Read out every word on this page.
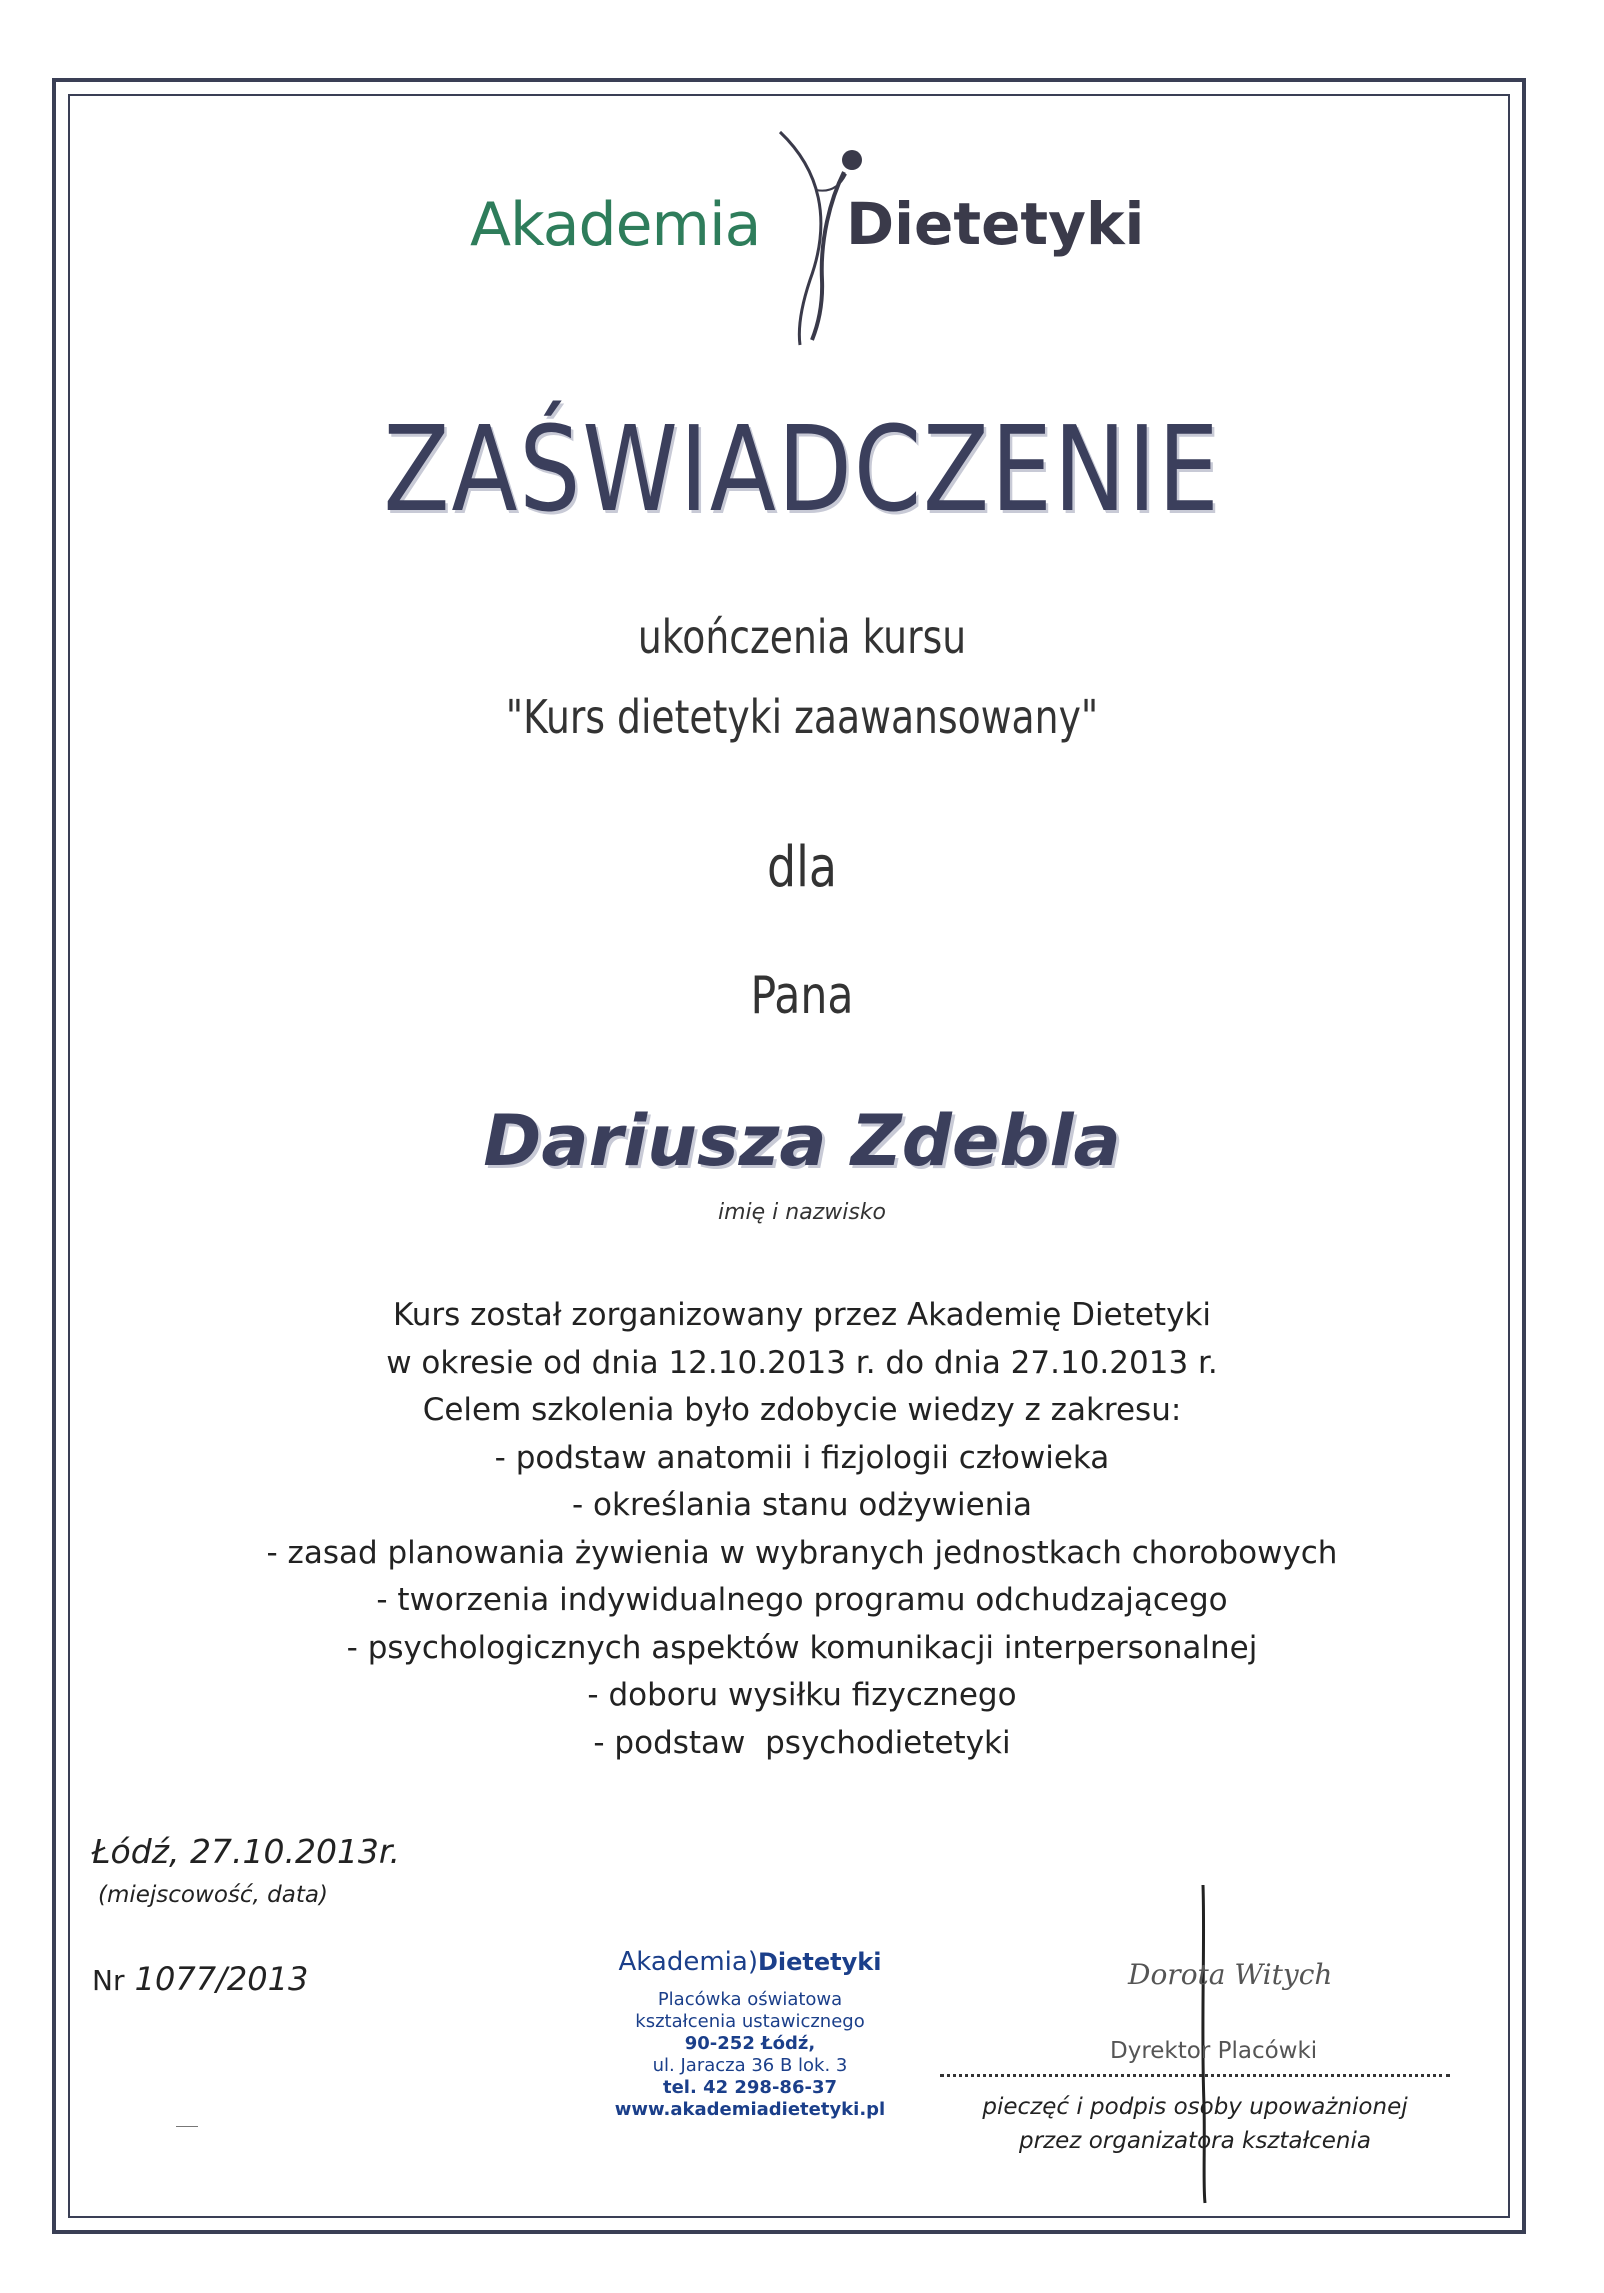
Akademia Dietetyki
ZAŚWIADCZENIE
ukończenia kursu
"Kurs dietetyki zaawansowany"
dla
Pana
Dariusza Zdebla
imię i nazwisko
Kurs został zorganizowany przez Akademię Dietetyki
w okresie od dnia 12.10.2013 r. do dnia 27.10.2013 r.
Celem szkolenia było zdobycie wiedzy z zakresu:
- podstaw anatomii i fizjologii człowieka
- określania stanu odżywienia
- zasad planowania żywienia w wybranych jednostkach chorobowych
- tworzenia indywidualnego programu odchudzającego
- psychologicznych aspektów komunikacji interpersonalnej
- doboru wysiłku fizycznego
- podstaw  psychodietetyki
Łódź, 27.10.2013r.
(miejscowość, data)
Nr 1077/2013	Akademia)Dietetyki
Placówka oświatowa
kształcenia ustawicznego
90-252 Łódź,
ul. Jaracza 36 B lok. 3
tel. 42 298-86-37
www.akademiadietetyki.pl
Dorota Witych
Dyrektor Placówki
pieczęć i podpis osoby upoważnionej
przez organizatora kształcenia
